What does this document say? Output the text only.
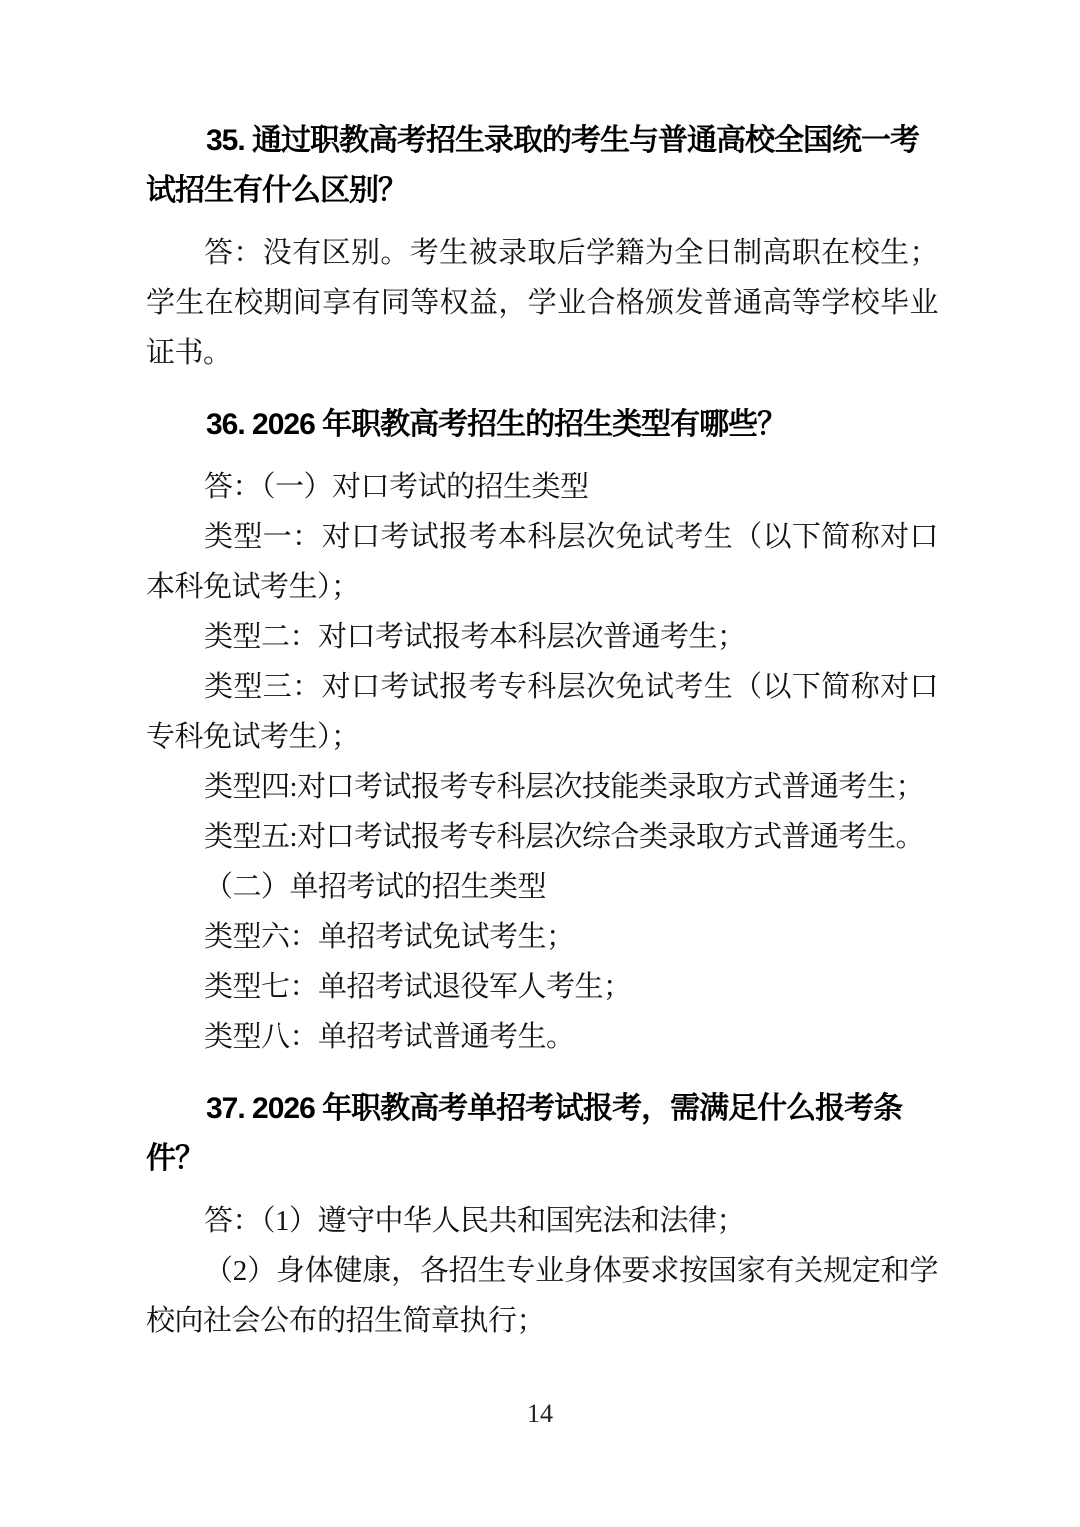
35. 通过职教高考招生录取的考生与普通高校全国统一考试招生有什么区别？

答：没有区别。考生被录取后学籍为全日制高职在校生；学生在校期间享有同等权益，学业合格颁发普通高等学校毕业证书。

36. 2026 年职教高考招生的招生类型有哪些？

答：（一）对口考试的招生类型

类型一：对口考试报考本科层次免试考生（以下简称对口本科免试考生）；

类型二：对口考试报考本科层次普通考生；

类型三：对口考试报考专科层次免试考生（以下简称对口专科免试考生）；

类型四:对口考试报考专科层次技能类录取方式普通考生；

类型五:对口考试报考专科层次综合类录取方式普通考生。

（二）单招考试的招生类型

类型六：单招考试免试考生；

类型七：单招考试退役军人考生；

类型八：单招考试普通考生。

37. 2026 年职教高考单招考试报考，需满足什么报考条件？

答：（1）遵守中华人民共和国宪法和法律；

（2）身体健康，各招生专业身体要求按国家有关规定和学校向社会公布的招生简章执行；

14
